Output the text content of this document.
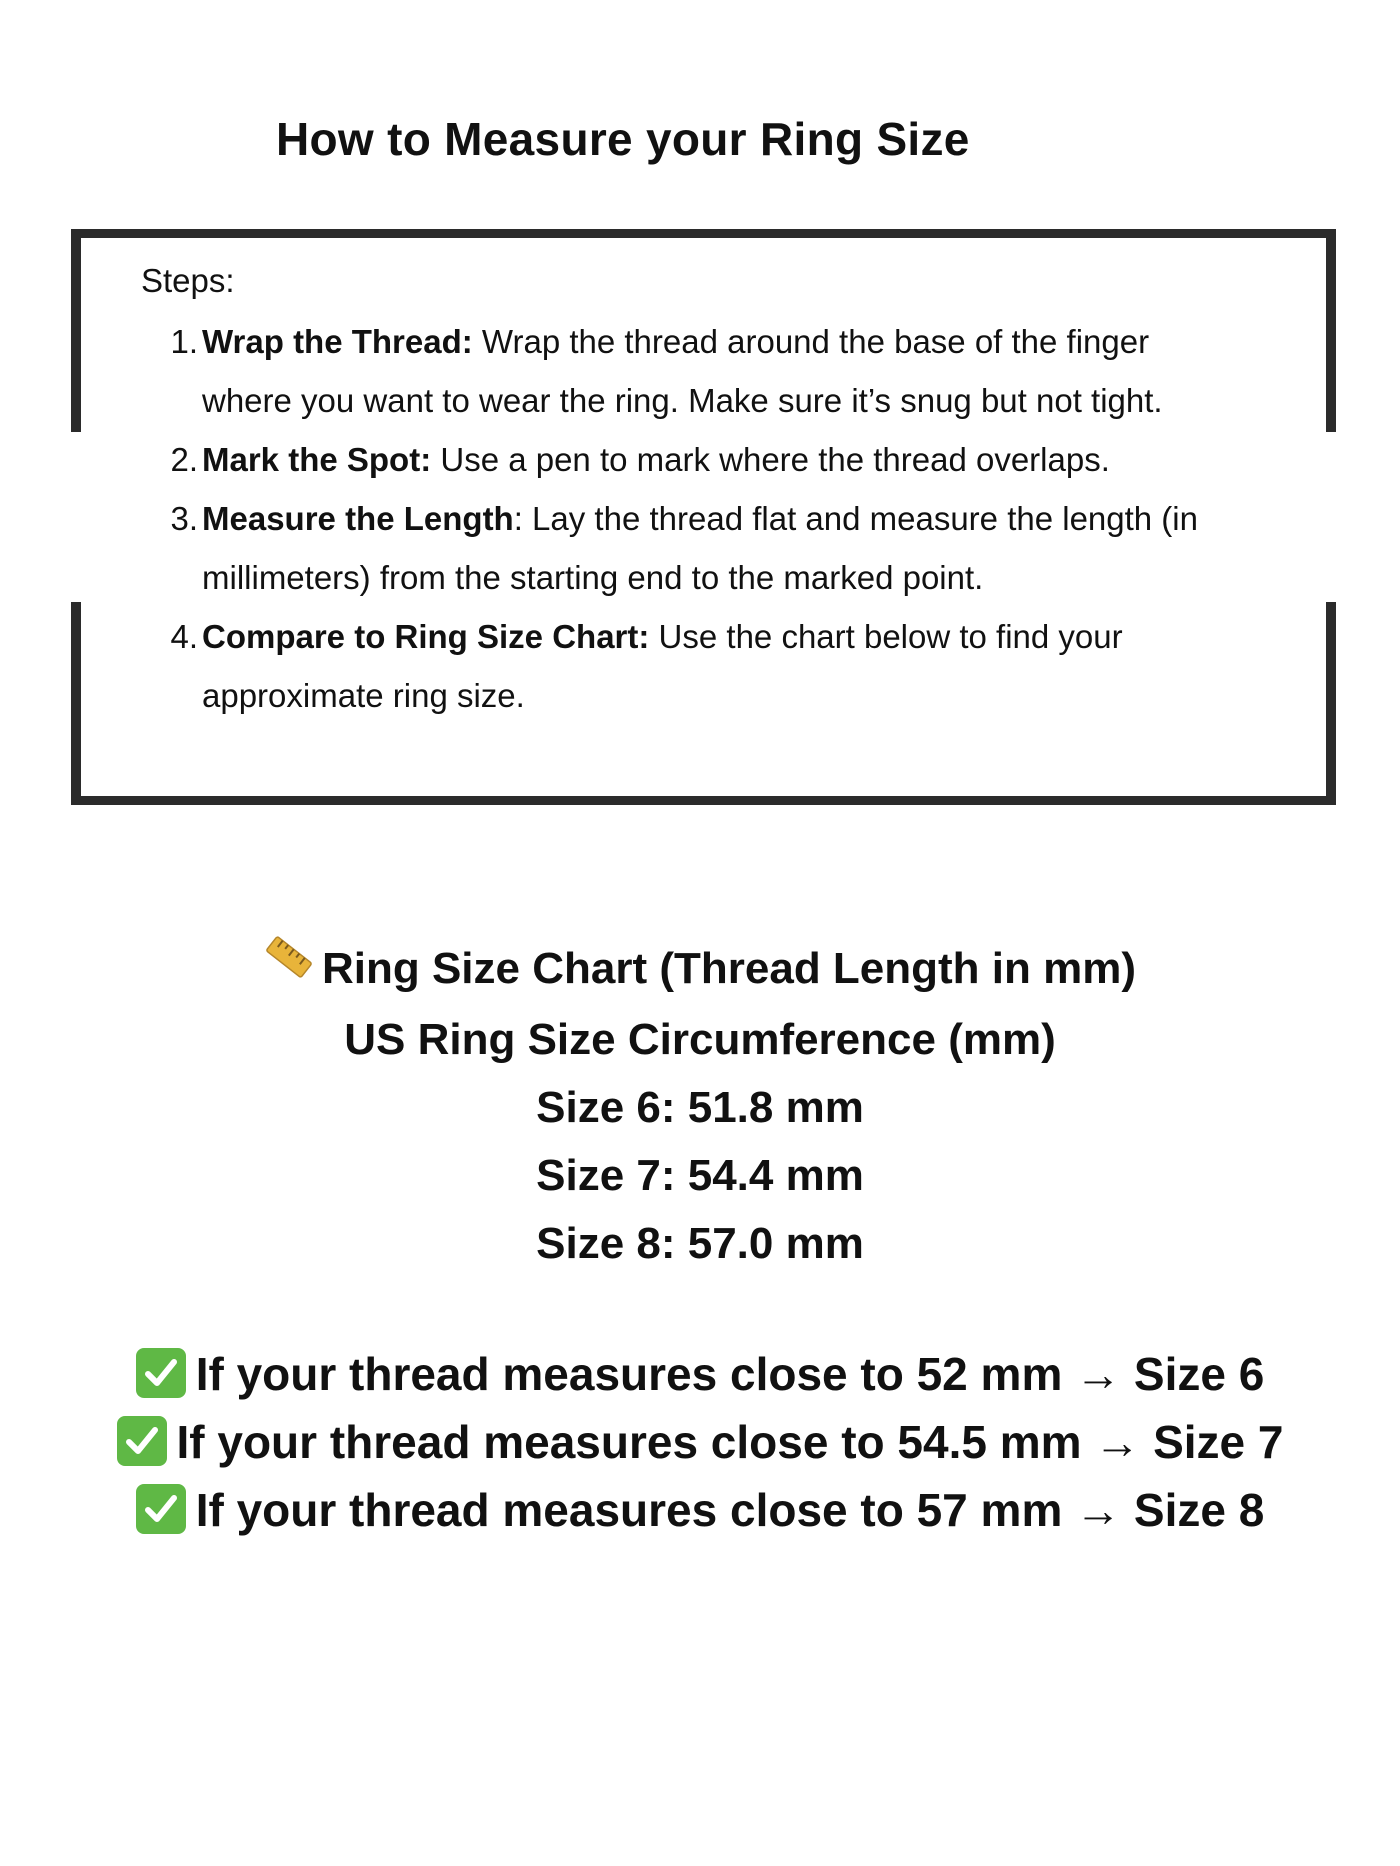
How to Measure your Ring Size
Steps:
1. Wrap the Thread: Wrap the thread around the base of the finger
where you want to wear the ring. Make sure it’s snug but not tight.
2. Mark the Spot: Use a pen to mark where the thread overlaps.
3. Measure the Length: Lay the thread flat and measure the length (in
millimeters) from the starting end to the marked point.
4. Compare to Ring Size Chart: Use the chart below to find your
approximate ring size.
Ring Size Chart (Thread Length in mm)
US Ring Size Circumference (mm)
Size 6: 51.8 mm
Size 7: 54.4 mm
Size 8: 57.0 mm
If your thread measures close to 52 mm → Size 6
If your thread measures close to 54.5 mm → Size 7
If your thread measures close to 57 mm → Size 8
